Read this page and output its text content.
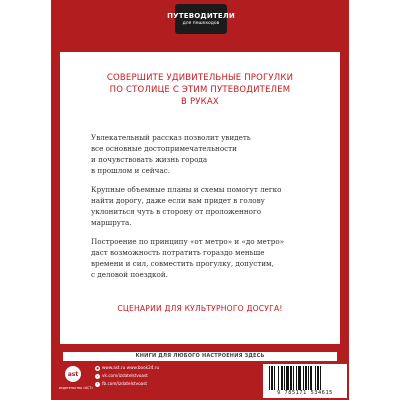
ПУТЕВОДИТЕЛИ
для пешеходов
СОВЕРШИТЕ УДИВИТЕЛЬНЫЕ ПРОГУЛКИ
ПО СТОЛИЦЕ С ЭТИМ ПУТЕВОДИТЕЛЕМ
В РУКАХ
Увлекательный рассказ позволит увидеть
все основные достопримечательности
и почувствовать жизнь города
в прошлом и сейчас.
Крупные объемные планы и схемы помогут легко
найти дорогу, даже если вам придет в голову
уклониться чуть в сторону от проложенного
маршрута.
Построение по принципу «от метро» и «до метро»
даст возможность потратить гораздо меньше
времени и сил, совместить прогулку, допустим,
с деловой поездкой.
СЦЕНАРИИ ДЛЯ КУЛЬТУРНОГО ДОСУГА!
КНИГИ ДЛЯ ЛЮБОГО НАСТРОЕНИЯ ЗДЕСЬ
ast
издательство «АСТ»
● www.ast.ru www.book24.ru
v vk.com/izdatelstvoast
f fb.com/izdatelstvoast
ISBN 978-5-17-153461-5
9 785171 534615
